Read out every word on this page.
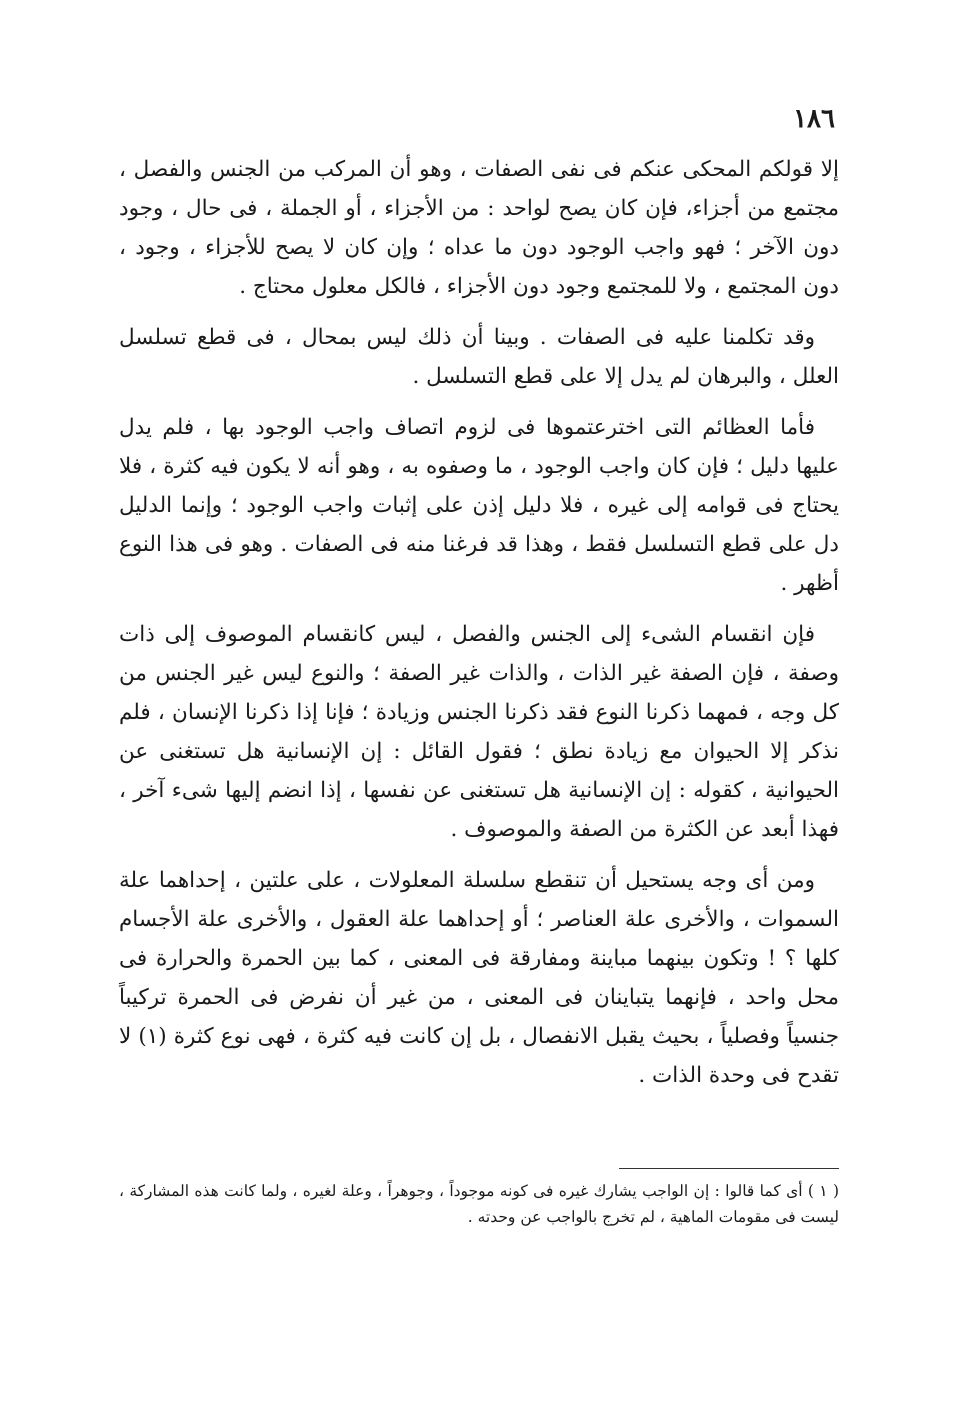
١٨٦

إلا قولكم المحكى عنكم فى نفى الصفات ، وهو أن المركب من الجنس والفصل ، مجتمع من أجزاء، فإن كان يصح لواحد : من الأجزاء ، أو الجملة ، فى حال ، وجود دون الآخر ؛ فهو واجب الوجود دون ما عداه ؛ وإن كان لا يصح للأجزاء ، وجود ، دون المجتمع ، ولا للمجتمع وجود دون الأجزاء ، فالكل معلول محتاج .

وقد تكلمنا عليه فى الصفات . وبينا أن ذلك ليس بمحال ، فى قطع تسلسل العلل ، والبرهان لم يدل إلا على قطع التسلسل .

فأما العظائم التى اخترعتموها فى لزوم اتصاف واجب الوجود بها ، فلم يدل عليها دليل ؛ فإن كان واجب الوجود ، ما وصفوه به ، وهو أنه لا يكون فيه كثرة ، فلا يحتاج فى قوامه إلى غيره ، فلا دليل إذن على إثبات واجب الوجود ؛ وإنما الدليل دل على قطع التسلسل فقط ، وهذا قد فرغنا منه فى الصفات . وهو فى هذا النوع أظهر .

فإن انقسام الشىء إلى الجنس والفصل ، ليس كانقسام الموصوف إلى ذات وصفة ، فإن الصفة غير الذات ، والذات غير الصفة ؛ والنوع ليس غير الجنس من كل وجه ، فمهما ذكرنا النوع فقد ذكرنا الجنس وزيادة ؛ فإنا إذا ذكرنا الإنسان ، فلم نذكر إلا الحيوان مع زيادة نطق ؛ فقول القائل : إن الإنسانية هل تستغنى عن الحيوانية ، كقوله : إن الإنسانية هل تستغنى عن نفسها ، إذا انضم إليها شىء آخر ، فهذا أبعد عن الكثرة من الصفة والموصوف .

ومن أى وجه يستحيل أن تنقطع سلسلة المعلولات ، على علتين ، إحداهما علة السموات ، والأخرى علة العناصر ؛ أو إحداهما علة العقول ، والأخرى علة الأجسام كلها ؟ ! وتكون بينهما مباينة ومفارقة فى المعنى ، كما بين الحمرة والحرارة فى محل واحد ، فإنهما يتباينان فى المعنى ، من غير أن نفرض فى الحمرة تركيباً جنسياً وفصلياً ، بحيث يقبل الانفصال ، بل إن كانت فيه كثرة ، فهى نوع كثرة (١) لا تقدح فى وحدة الذات .

( ١ ) أى كما قالوا : إن الواجب يشارك غيره فى كونه موجوداً ، وجوهراً ، وعلة لغيره ، ولما كانت هذه المشاركة ، ليست فى مقومات الماهية ، لم تخرج بالواجب عن وحدته .
